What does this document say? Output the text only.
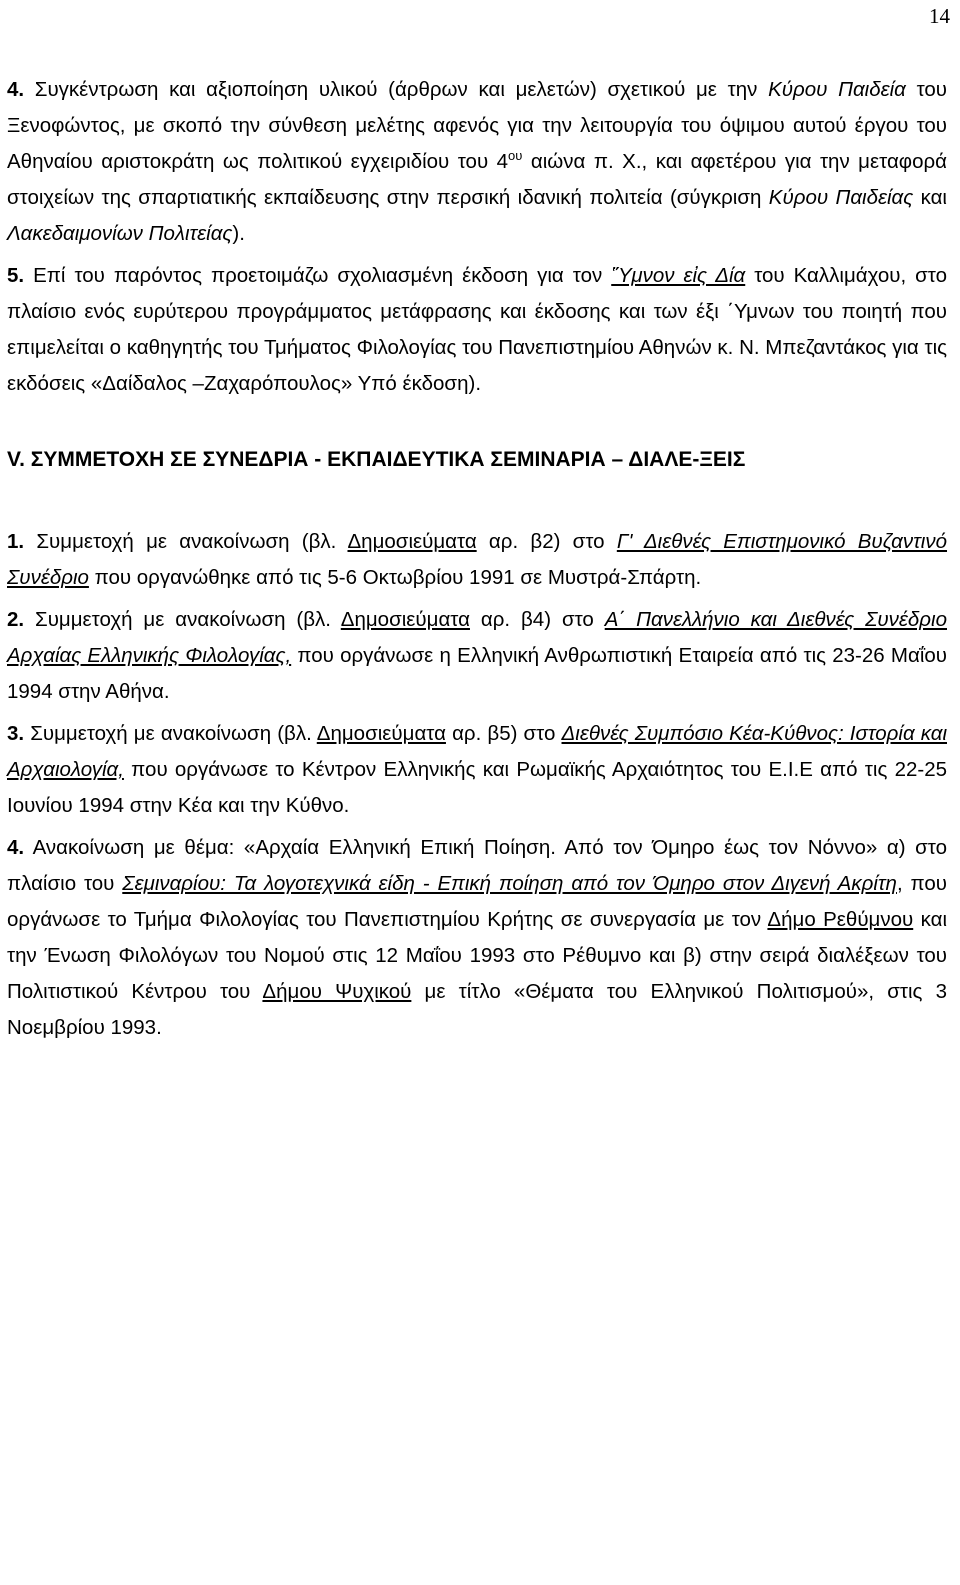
14

4. Συγκέντρωση και αξιοποίηση υλικού (άρθρων και μελετών) σχετικού με την Κύρου Παιδεία του Ξενοφώντος, με σκοπό την σύνθεση μελέτης αφενός για την λειτουργία του όψιμου αυτού έργου του Αθηναίου αριστοκράτη ως πολιτικού εγχειριδίου του $4^{o\upsilon}$ αιώνα π. Χ., και αφετέρου για την μεταφορά στοιχείων της σπαρτιατικής εκπαίδευσης στην περσική ιδανική πολιτεία (σύγκριση Κύρου Παιδείας και Λακεδαιμονίων Πολιτείας).

5. Επί του παρόντος προετοιμάζω σχολιασμένη έκδοση για τον ῞Υμνον εἰς Δία του Καλλιμάχου, στο πλαίσιο ενός ευρύτερου προγράμματος μετάφρασης και έκδοσης και των έξι ΄Υμνων του ποιητή που επιμελείται ο καθηγητής του Τμήματος Φιλολογίας του Πανεπιστημίου Αθηνών κ. Ν. Μπεζαντάκος για τις εκδόσεις «Δαίδαλος –Ζαχαρόπουλος» Υπό έκδοση).

V. ΣΥΜΜΕΤΟΧΗ ΣΕ ΣΥΝΕΔΡΙΑ - ΕΚΠΑΙΔΕΥΤΙΚΑ ΣΕΜΙΝΑΡΙΑ – ΔΙΑΛΕ-ΞΕΙΣ

1. Συμμετοχή με ανακοίνωση (βλ. Δημοσιεύματα αρ. β2) στο Γ' Διεθνές Επιστημονικό Βυζαντινό Συνέδριο που οργανώθηκε από τις 5-6 Οκτωβρίου 1991 σε Μυστρά-Σπάρτη.

2. Συμμετοχή με ανακοίνωση (βλ. Δημοσιεύματα αρ. β4) στο Α΄ Πανελλήνιο και Διεθνές Συνέδριο Αρχαίας Ελληνικής Φιλολογίας, που οργάνωσε η Ελληνική Ανθρωπιστική Εταιρεία από τις 23-26 Μαΐου 1994 στην Αθήνα.

3. Συμμετοχή με ανακοίνωση (βλ. Δημοσιεύματα αρ. β5) στο Διεθνές Συμπόσιο Κέα-Κύθνος: Ιστορία και Αρχαιολογία, που οργάνωσε το Κέντρον Ελληνικής και Ρωμαϊκής Αρχαιότητος του Ε.Ι.Ε από τις 22-25 Ιουνίου 1994 στην Κέα και την Κύθνο.

4. Ανακοίνωση με θέμα: «Αρχαία Ελληνική Επική Ποίηση. Από τον Όμηρο έως τον Νόννο» α) στο πλαίσιο του Σεμιναρίου: Τα λογοτεχνικά είδη - Επική ποίηση από τον Όμηρο στον Διγενή Ακρίτη, που οργάνωσε το Τμήμα Φιλολογίας του Πανεπιστημίου Κρήτης σε συνεργασία με τον Δήμο Ρεθύμνου και την Ένωση Φιλολόγων του Νομού στις 12 Μαΐου 1993 στο Ρέθυμνο και β) στην σειρά διαλέξεων του Πολιτιστικού Κέντρου του Δήμου Ψυχικού με τίτλο «Θέματα του Ελληνικού Πολιτισμού», στις 3 Νοεμβρίου 1993.
